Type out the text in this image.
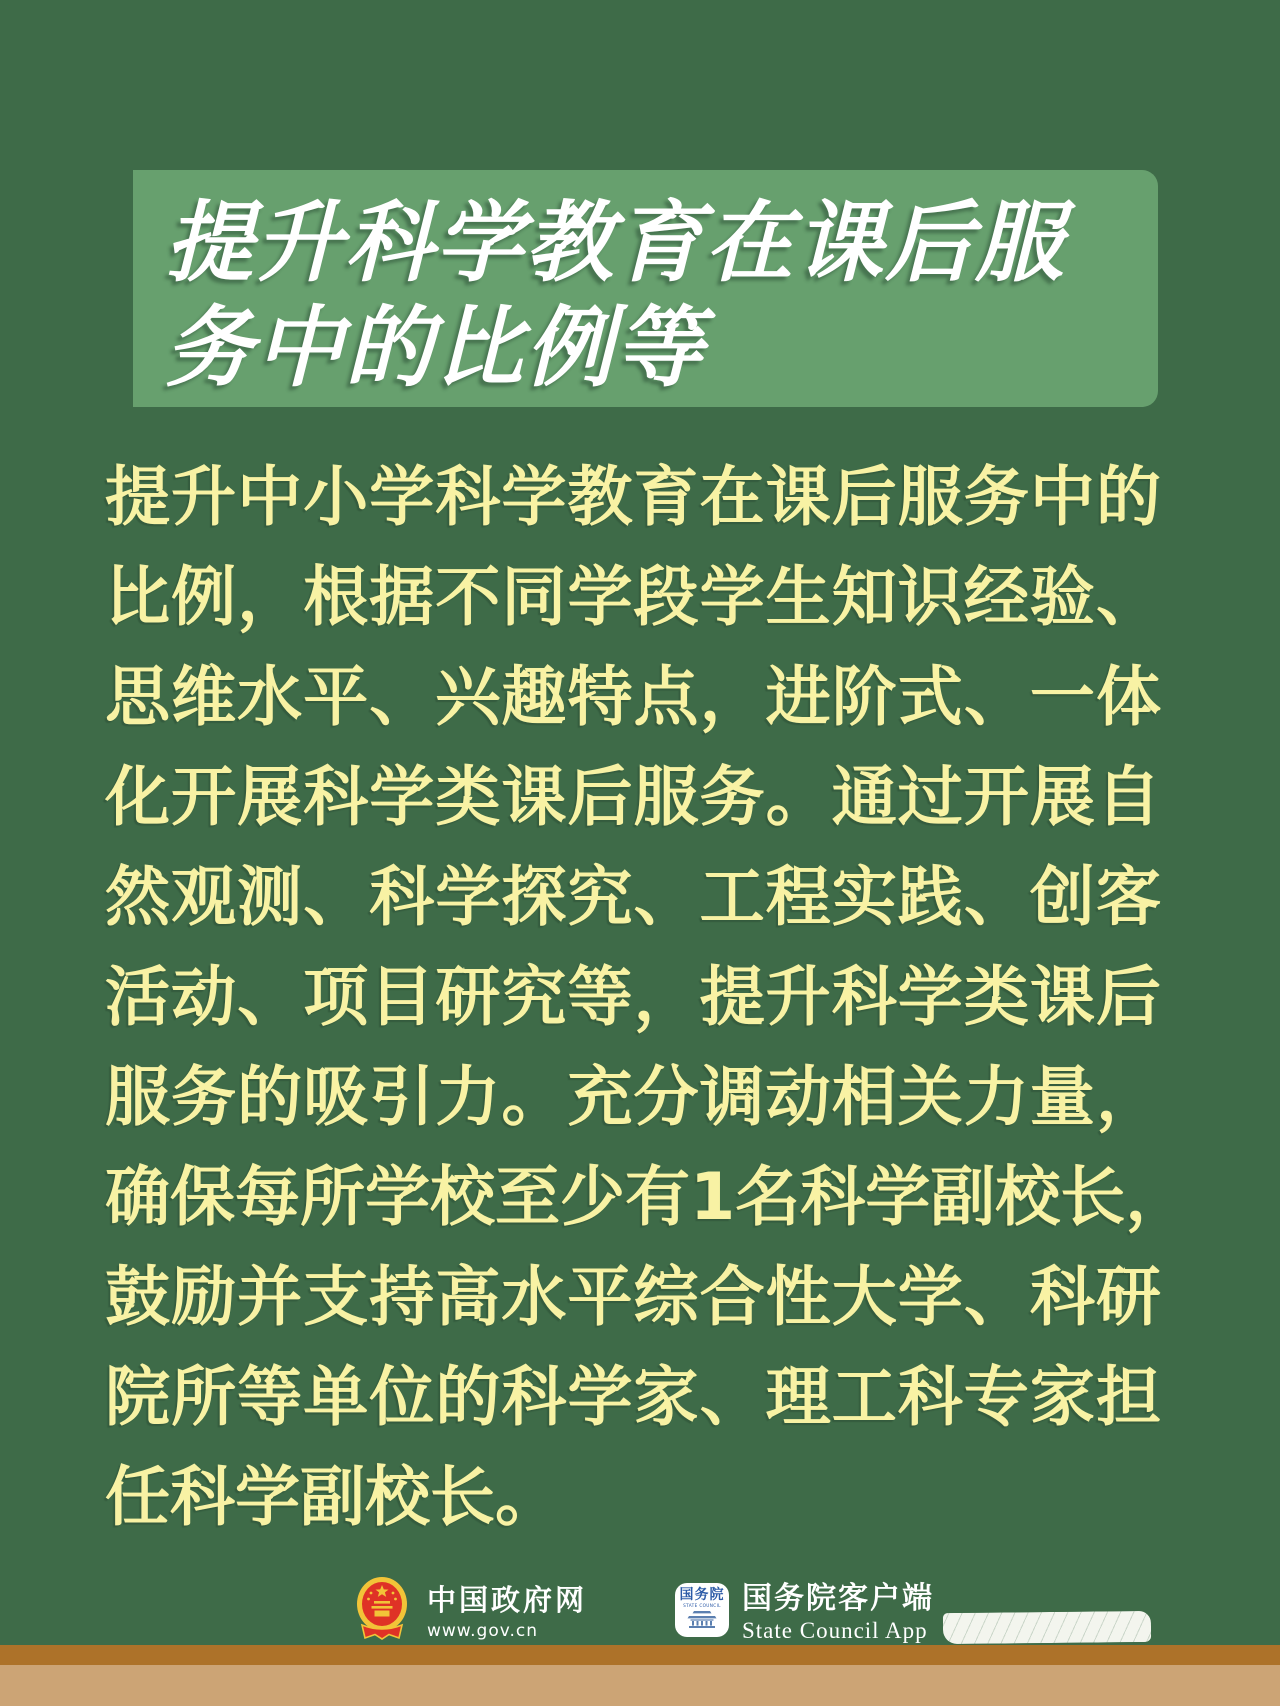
提升科学教育在课后服
务中的比例等
提升中小学科学教育在课后服务中的
比例，根据不同学段学生知识经验、
思维水平、兴趣特点，进阶式、一体
化开展科学类课后服务。通过开展自
然观测、科学探究、工程实践、创客
活动、项目研究等，提升科学类课后
服务的吸引力。充分调动相关力量，
确保每所学校至少有1名科学副校长，
鼓励并支持高水平综合性大学、科研
院所等单位的科学家、理工科专家担
任科学副校长。
中国政府网
www.gov.cn
国务院
STATE COUNCIL 国务院客户端
State Council App
